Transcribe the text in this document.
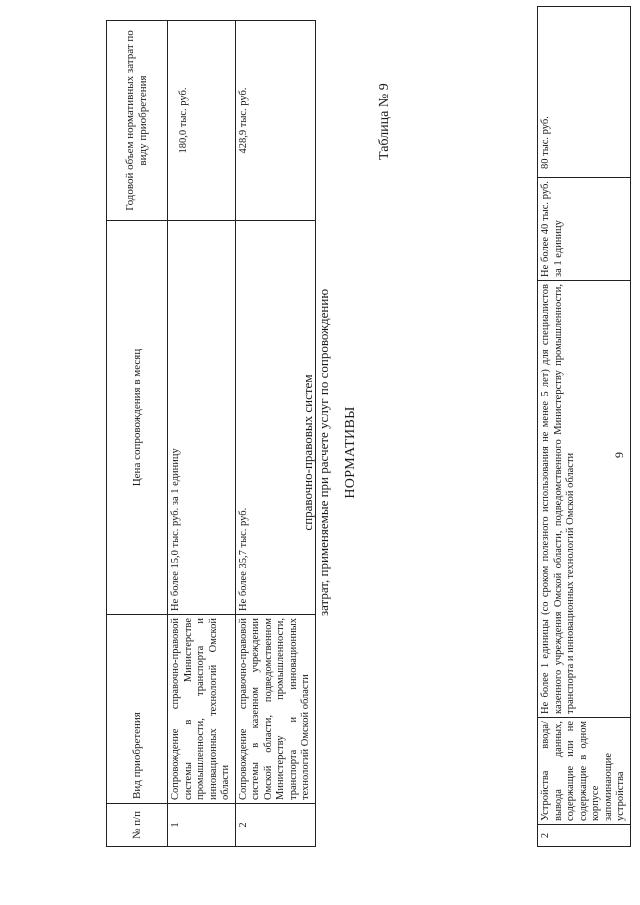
9
2	Устройства ввода/вывода данных, содержащие или не содержащие в одном корпусе запоминающие устройства	Не более 1 единицы (со сроком полезного использования не менее 5 лет) для специалистов казенного учреждения Омской области, подведомственного Министерству промышленности, транспорта и инновационных технологий Омской области	Не более 40 тыс. руб. за 1 единицу	80 тыс. руб.
Таблица № 9
НОРМАТИВЫ
затрат, применяемые при расчете услуг по сопровождению
справочно-правовых систем
№ п/п	Вид приобретения	Цена сопровождения в месяц	Годовой объем нормативных затрат по виду приобретения
1	Сопровождение справочно-правовой системы в Министерстве промышленности, транспорта и инновационных технологий Омской области	Не более 15,0 тыс. руб. за 1 единицу	180,0 тыс. руб.

2	Сопровождение справочно-правовой системы в казенном учреждении Омской области, подведомственном Министерству промышленности, транспорта и инновационных технологий Омской области	Не более 35,7 тыс. руб.	428,9 тыс. руб.
